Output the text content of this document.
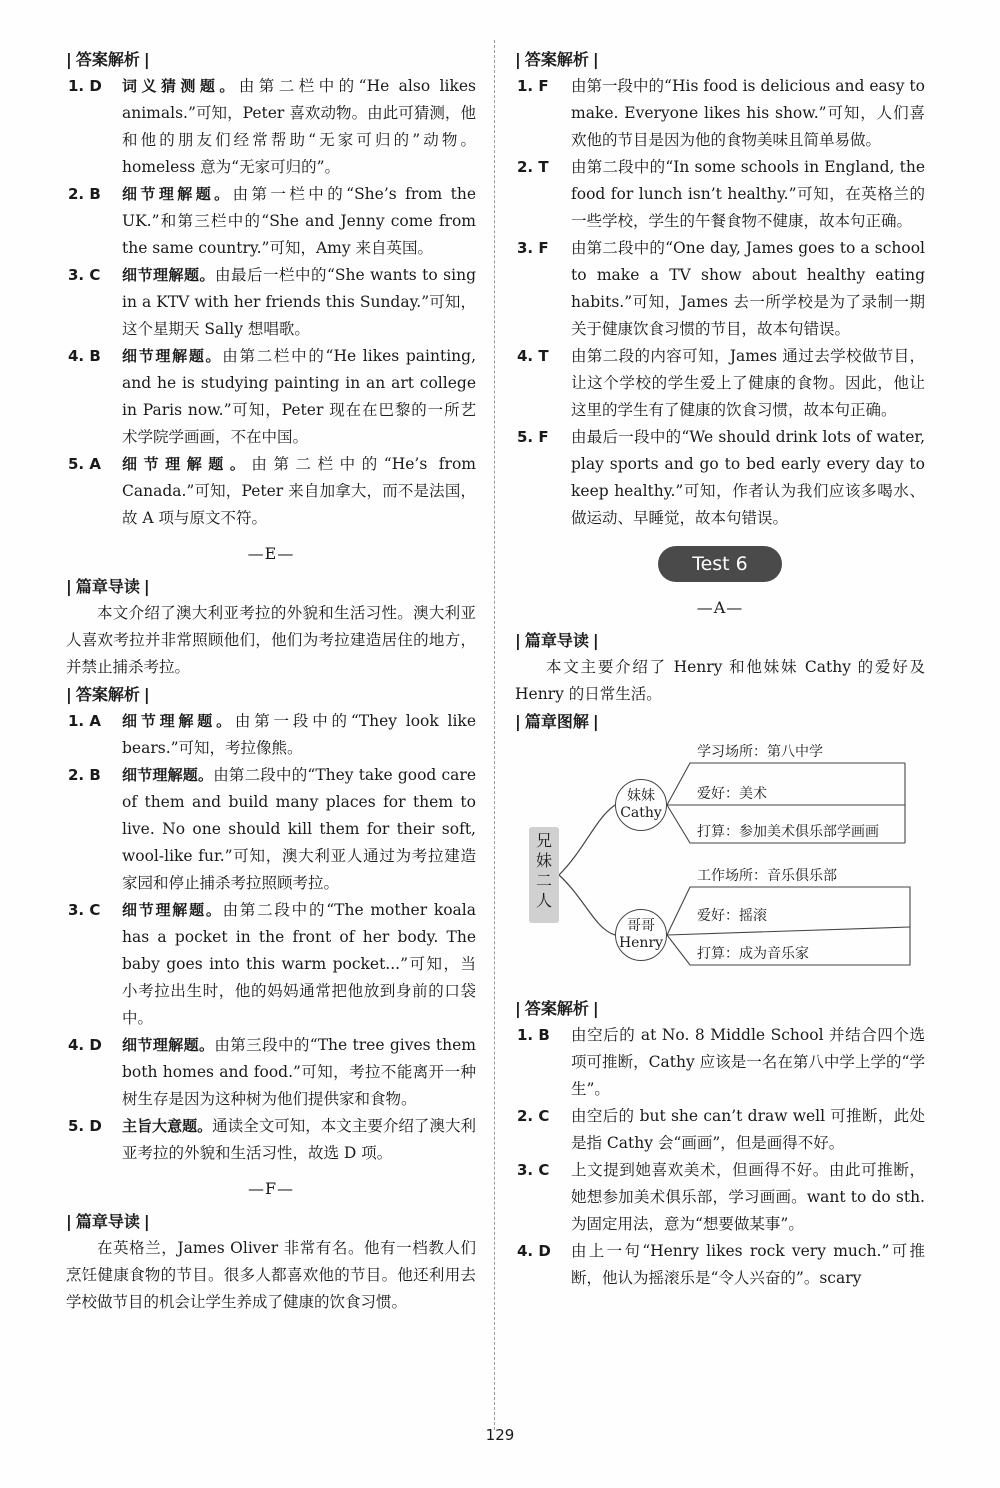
| 答案解析 |
1. D 词义猜测题。由第二栏中的“He also likes animals.”可知，Peter 喜欢动物。由此可猜测，他和他的朋友们经常帮助“无家可归的”动物。homeless 意为“无家可归的”。
2. B 细节理解题。由第一栏中的“She’s from the UK.”和第三栏中的“She and Jenny come from the same country.”可知，Amy 来自英国。
3. C 细节理解题。由最后一栏中的“She wants to sing in a KTV with her friends this Sunday.”可知，这个星期天 Sally 想唱歌。
4. B 细节理解题。由第二栏中的“He likes painting, and he is studying painting in an art college in Paris now.”可知，Peter 现在在巴黎的一所艺术学院学画画，不在中国。
5. A 细节理解题。由第二栏中的“He’s from Canada.”可知，Peter 来自加拿大，而不是法国，故 A 项与原文不符。
—E—
| 篇章导读 |

本文介绍了澳大利亚考拉的外貌和生活习性。澳大利亚人喜欢考拉并非常照顾他们，他们为考拉建造居住的地方，并禁止捕杀考拉。

| 答案解析 |
1. A 细节理解题。由第一段中的“They look like bears.”可知，考拉像熊。
2. B 细节理解题。由第二段中的“They take good care of them and build many places for them to live. No one should kill them for their soft, wool-like fur.”可知，澳大利亚人通过为考拉建造家园和停止捕杀考拉照顾考拉。
3. C 细节理解题。由第二段中的“The mother koala has a pocket in the front of her body. The baby goes into this warm pocket...”可知，当小考拉出生时，他的妈妈通常把他放到身前的口袋中。
4. D 细节理解题。由第三段中的“The tree gives them both homes and food.”可知，考拉不能离开一种树生存是因为这种树为他们提供家和食物。
5. D 主旨大意题。通读全文可知，本文主要介绍了澳大利亚考拉的外貌和生活习性，故选 D 项。
—F—
| 篇章导读 |

在英格兰，James Oliver 非常有名。他有一档教人们烹饪健康食物的节目。很多人都喜欢他的节目。他还利用去学校做节目的机会让学生养成了健康的饮食习惯。

| 答案解析 |
1. F 由第一段中的“His food is delicious and easy to make. Everyone likes his show.”可知，人们喜欢他的节目是因为他的食物美味且简单易做。
2. T 由第二段中的“In some schools in England, the food for lunch isn’t healthy.”可知，在英格兰的一些学校，学生的午餐食物不健康，故本句正确。
3. F 由第二段中的“One day, James goes to a school to make a TV show about healthy eating habits.”可知，James 去一所学校是为了录制一期关于健康饮食习惯的节目，故本句错误。
4. T 由第二段的内容可知，James 通过去学校做节目，让这个学校的学生爱上了健康的食物。因此，他让这里的学生有了健康的饮食习惯，故本句正确。
5. F 由最后一段中的“We should drink lots of water, play sports and go to bed early every day to keep healthy.”可知，作者认为我们应该多喝水、做运动、早睡觉，故本句错误。
Test 6
—A—
| 篇章导读 |

本文主要介绍了 Henry 和他妹妹 Cathy 的爱好及 Henry 的日常生活。

| 篇章图解 |
兄
妹
二
人
妹妹
Cathy
哥哥
Henry
学习场所：第八中学
爱好：美术
打算：参加美术俱乐部学画画
工作场所：音乐俱乐部
爱好：摇滚
打算：成为音乐家
| 答案解析 |
1. B 由空后的 at No. 8 Middle School 并结合四个选项可推断，Cathy 应该是一名在第八中学上学的“学生”。
2. C 由空后的 but she can’t draw well 可推断，此处是指 Cathy 会“画画”，但是画得不好。
3. C 上文提到她喜欢美术，但画得不好。由此可推断，她想参加美术俱乐部，学习画画。want to do sth. 为固定用法，意为“想要做某事”。
4. D 由上一句“Henry likes rock very much.”可推断，他认为摇滚乐是“令人兴奋的”。scary
129
